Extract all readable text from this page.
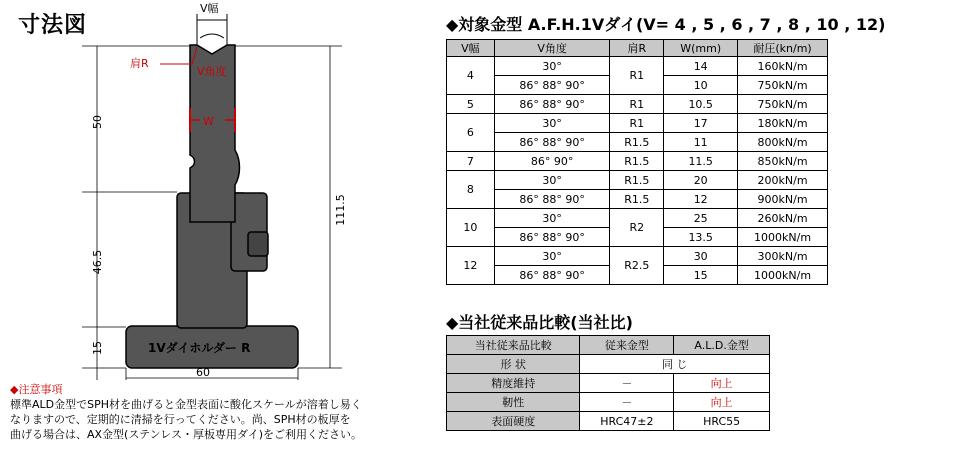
寸法図
V幅
肩R
V角度
W
50
46.5
15
111.5
60
1Vダイホルダー R
◆注意事項
標準ALD金型でSPH材を曲げると金型表面に酸化スケールが溶着し易く
なりますので、定期的に清掃を行ってください。尚、SPH材の板厚を
曲げる場合は、AX金型(ステンレス・厚板専用ダイ)をご利用ください。
◆対象金型 A.F.H.1Vダイ(V= 4 , 5 , 6 , 7 , 8 , 10 , 12)
V幅	V角度	肩R	W(mm)	耐圧(kn/m)
4	30°	R1	14	160kN/m
	86° 88° 90°		10	750kN/m
5	86° 88° 90°	R1	10.5	750kN/m
6	30°	R1	17	180kN/m
	86° 88° 90°	R1.5	11	800kN/m
7	86° 90°	R1.5	11.5	850kN/m
8	30°	R1.5	20	200kN/m
	86° 88° 90°	R1.5	12	900kN/m
10	30°	R2	25	260kN/m
	86° 88° 90°		13.5	1000kN/m
12	30°	R2.5	30	300kN/m
	86° 88° 90°		15	1000kN/m
◆当社従来品比較(当社比)
当社従来品比較	従来金型	A.L.D.金型
形 状	同 じ	
精度維持	－	向上
靭性	－	向上
表面硬度	HRC47±2	HRC55
